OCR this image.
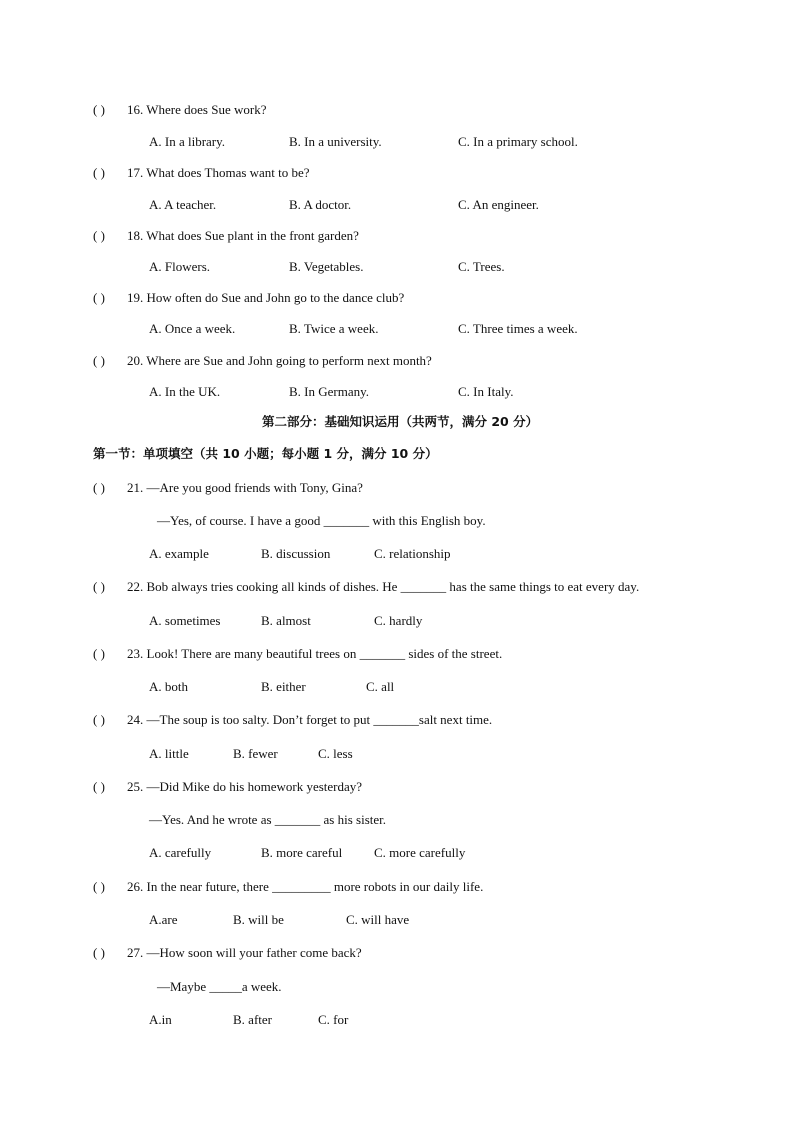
( ) 16. Where does Sue work?
A. In a library.	B. In a university.	C. In a primary school.
( ) 17. What does Thomas want to be?
A. A teacher.	B. A doctor.	C. An engineer.
( ) 18. What does Sue plant in the front garden?
A. Flowers.	B. Vegetables.	C. Trees.
( ) 19. How often do Sue and John go to the dance club?
A. Once a week.	B. Twice a week.	C. Three times a week.
( ) 20. Where are Sue and John going to perform next month?
A. In the UK.	B. In Germany.	C. In Italy.
第二部分：基础知识运用（共两节，满分 20 分）
第一节：单项填空（共 10 小题；每小题 1 分，满分 10 分）
( ) 21. —Are you good friends with Tony, Gina?
—Yes, of course. I have a good _______ with this English boy.
A. example	B. discussion	C. relationship
( ) 22. Bob always tries cooking all kinds of dishes. He _______ has the same things to eat every day.
A. sometimes	B. almost	C. hardly
( ) 23. Look! There are many beautiful trees on _______ sides of the street.
A. both	B. either	C. all
( ) 24. —The soup is too salty. Don’t forget to put _______salt next time.
A. little	B. fewer	C. less
( ) 25. —Did Mike do his homework yesterday?
—Yes. And he wrote as _______ as his sister.
A. carefully	B. more careful C. more carefully
( ) 26. In the near future, there _________ more robots in our daily life.
A.are	B. will be	C. will have
( ) 27. —How soon will your father come back?
—Maybe _____a week.
A.in	B. after	C. for
